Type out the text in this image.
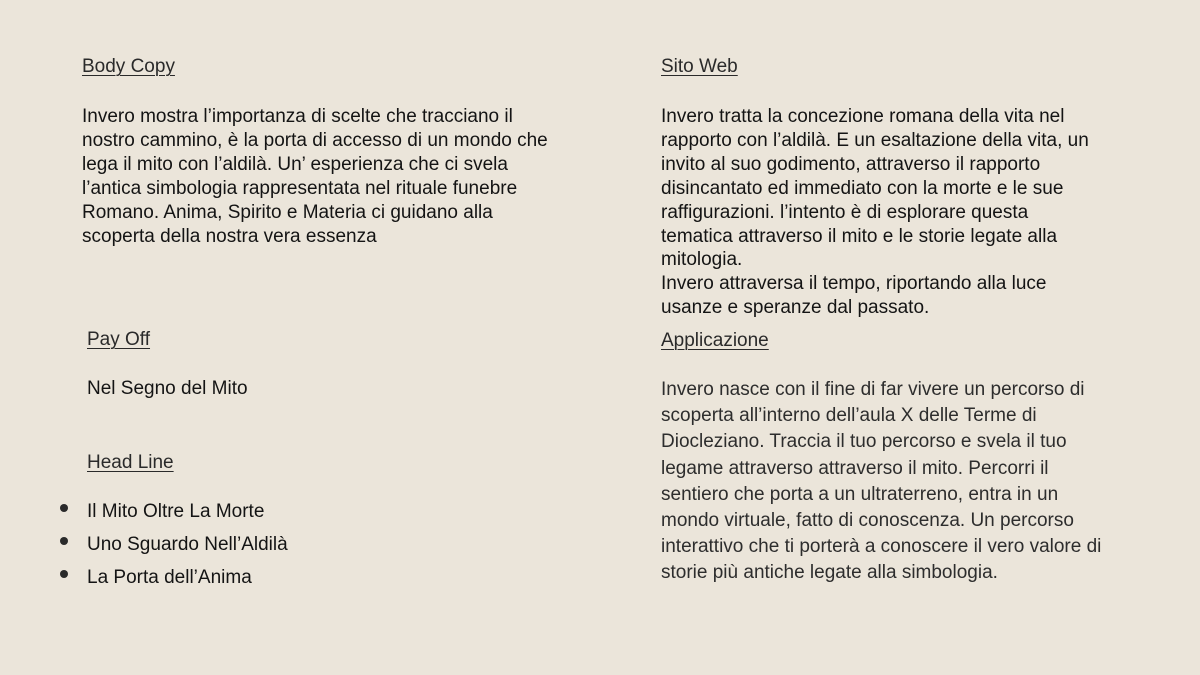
Body Copy

Invero mostra l’importanza di scelte che tracciano il
nostro cammino, è la porta di accesso di un mondo che
lega il mito con l’aldilà. Un’ esperienza che ci svela
l’antica simbologia rappresentata nel rituale funebre
Romano. Anima, Spirito e Materia ci guidano alla
scoperta della nostra vera essenza

Sito Web

Invero tratta la concezione romana della vita nel
rapporto con l’aldilà. E un esaltazione della vita, un
invito al suo godimento, attraverso il rapporto
disincantato ed immediato con la morte e le sue
raffigurazioni. l’intento è di esplorare questa
tematica attraverso il mito e le storie legate alla
mitologia.
Invero attraversa il tempo, riportando alla luce
usanze e speranze dal passato.

Pay Off

Nel Segno del Mito

Head Line
Il Mito Oltre La Morte
Uno Sguardo Nell’Aldilà
La Porta dell’Anima
Applicazione

Invero nasce con il fine di far vivere un percorso di
scoperta all’interno dell’aula X delle Terme di
Diocleziano. Traccia il tuo percorso e svela il tuo
legame attraverso attraverso il mito. Percorri il
sentiero che porta a un ultraterreno, entra in un
mondo virtuale, fatto di conoscenza. Un percorso
interattivo che ti porterà a conoscere il vero valore di
storie più antiche legate alla simbologia.
